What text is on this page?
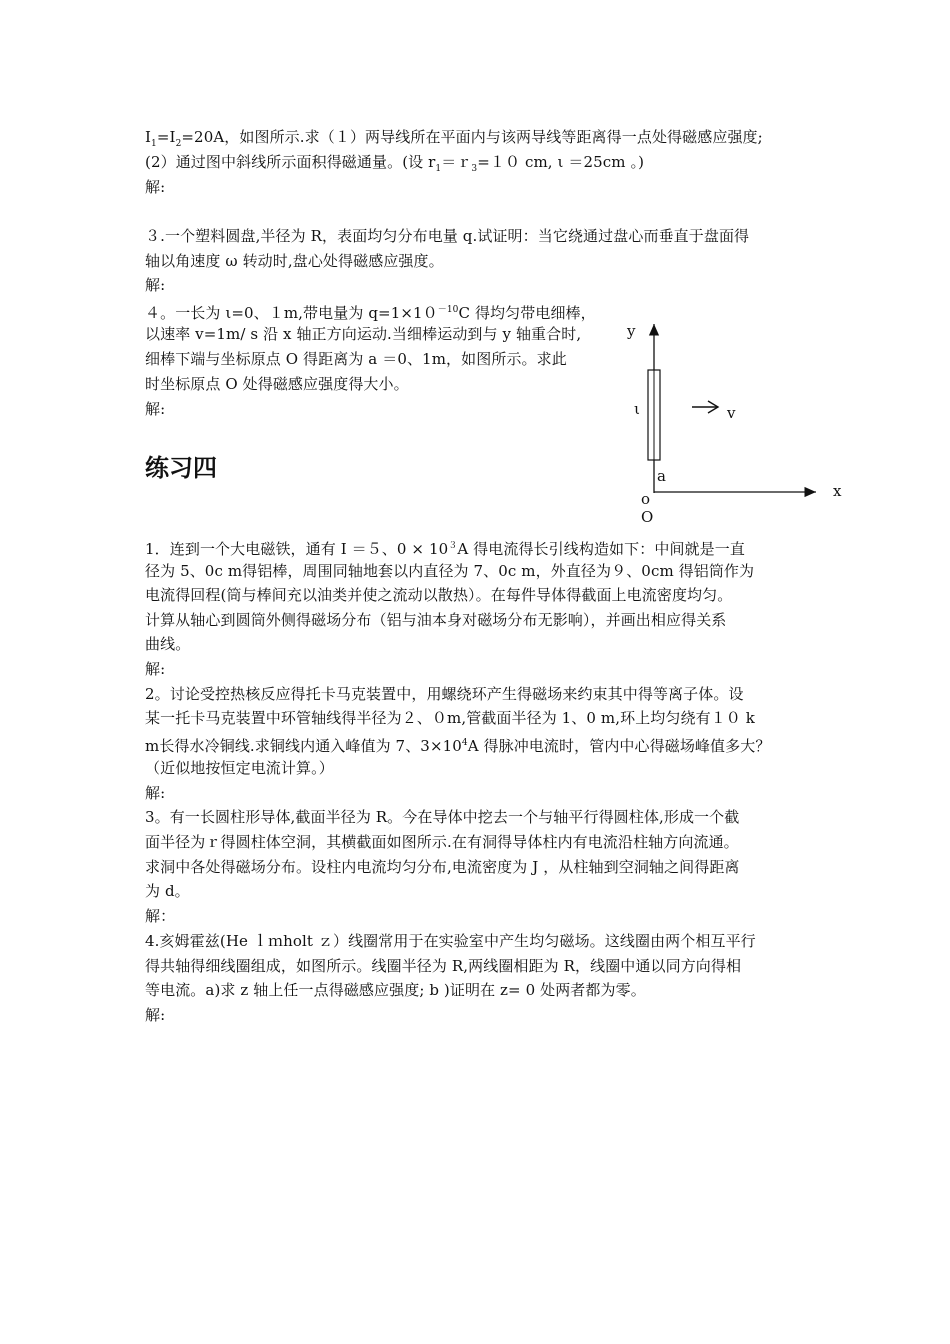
$I_1=I_2=20A$，如图所示.求（１）两导线所在平面内与该两导线等距离得一点处得磁感应强度;
(2）通过图中斜线所示面积得磁通量。(设 $r_1=r_3=10$ cm, ι ＝25cm 。)
解:
３.一个塑料圆盘,半径为 R，表面均匀分布电量 q.试证明：当它绕通过盘心而垂直于盘面得
轴以角速度 ω 转动时,盘心处得磁感应强度。
解:
４。一长为 ι=0、１m,带电量为 $q=1\times 10^{-10}C$ 得均匀带电细棒，
以速率 v=1m/ s 沿 x 轴正方向运动.当细棒运动到与 y 轴重合时,
细棒下端与坐标原点 O 得距离为 a ＝0、1m，如图所示。求此
时坐标原点 O 处得磁感应强度得大小。
解:
练习四
y
x
ι	v
a
o
O
1．连到一个大电磁铁，通有 I ＝５、$0 \times 10^3A$ 得电流得长引线构造如下：中间就是一直
径为 5、0c m得铝棒，周围同轴地套以内直径为 7、0c m，外直径为９、0cm 得铝筒作为
电流得回程(筒与棒间充以油类并使之流动以散热）。在每件导体得截面上电流密度均匀。
计算从轴心到圆筒外侧得磁场分布（铝与油本身对磁场分布无影响），并画出相应得关系
曲线。
解:
2。讨论受控热核反应得托卡马克装置中，用螺绕环产生得磁场来约束其中得等离子体。设
某一托卡马克装置中环管轴线得半径为２、０m,管截面半径为 1、0 m,环上均匀绕有１０ k
m长得水冷铜线.求铜线内通入峰值为 7、$3\times 10^4A$ 得脉冲电流时，管内中心得磁场峰值多大？
（近似地按恒定电流计算。）
解:
3。有一长圆柱形导体,截面半径为 R。今在导体中挖去一个与轴平行得圆柱体,形成一个截
面半径为ｒ得圆柱体空洞，其横截面如图所示.在有洞得导体柱内有电流沿柱轴方向流通。
求洞中各处得磁场分布。设柱内电流均匀分布,电流密度为 J ，从柱轴到空洞轴之间得距离
为 d。
解：
4.亥姆霍兹(He ｌｍholt ｚ）线圈常用于在实验室中产生均匀磁场。这线圈由两个相互平行
得共轴得细线圈组成，如图所示。线圈半径为 R,两线圈相距为 R，线圈中通以同方向得相
等电流。a)求 z 轴上任一点得磁感应强度; b )证明在 z= 0 处两者都为零。
解:
